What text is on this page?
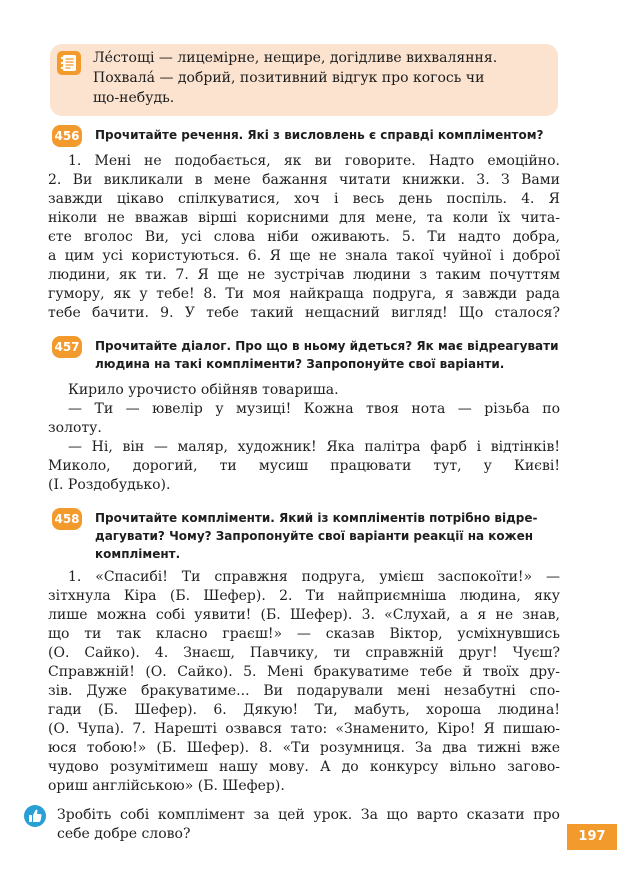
Лéстощі — лицемірне, нещире, догідливе вихваляння.
Похвалá — добрий, позитивний відгук про когось чи
що-небудь.
456 Прочитайте речення. Які з висловлень є справді компліментом?
1. Мені не подобається, як ви говорите. Надто емоційно.
2. Ви викликали в мене бажання читати книжки. 3. З Вами
завжди цікаво спілкуватися, хоч і весь день поспіль. 4. Я
ніколи не вважав вірші корисними для мене, та коли їх чита-
єте вголос Ви, усі слова ніби оживають. 5. Ти надто добра,
а цим усі користуються. 6. Я ще не знала такої чуйної і доброї
людини, як ти. 7. Я ще не зустрічав людини з таким почуттям
гумору, як у тебе! 8. Ти моя найкраща подруга, я завжди рада
тебе бачити. 9. У тебе такий нещасний вигляд! Що сталося?
457 Прочитайте діалог. Про що в ньому йдеться? Як має відреагувати
людина на такі компліменти? Запропонуйте свої варіанти.
Кирило урочисто обійняв товариша.
— Ти — ювелір у музиці! Кожна твоя нота — різьба по
золоту.
— Ні, він — маляр, художник! Яка палітра фарб і відтінків!
Миколо, дорогий, ти мусиш працювати тут, у Києві!
(І. Роздобудько).
458 Прочитайте компліменти. Який із компліментів потрібно відре-
дагувати? Чому? Запропонуйте свої варіанти реакції на кожен
комплімент.
1. «Спасибі! Ти справжня подруга, умієш заспокоїти!» —
зітхнула Кіра (Б. Шефер). 2. Ти найприємніша людина, яку
лише можна собі уявити! (Б. Шефер). 3. «Слухай, а я не знав,
що ти так класно граєш!» — сказав Віктор, усміхнувшись
(О. Сайко). 4. Знаєш, Павчику, ти справжній друг! Чуєш?
Справжній! (О. Сайко). 5. Мені бракуватиме тебе й твоїх дру-
зів. Дуже бракуватиме... Ви подарували мені незабутні спо-
гади (Б. Шефер). 6. Дякую! Ти, мабуть, хороша людина!
(О. Чупа). 7. Нарешті озвався тато: «Знаменито, Кіро! Я пишаю-
юся тобою!» (Б. Шефер). 8. «Ти розумниця. За два тижні вже
чудово розумітимеш нашу мову. А до конкурсу вільно загово-
ориш англійською» (Б. Шефер).
Зробіть собі комплімент за цей урок. За що варто сказати про
себе добре слово?	197
